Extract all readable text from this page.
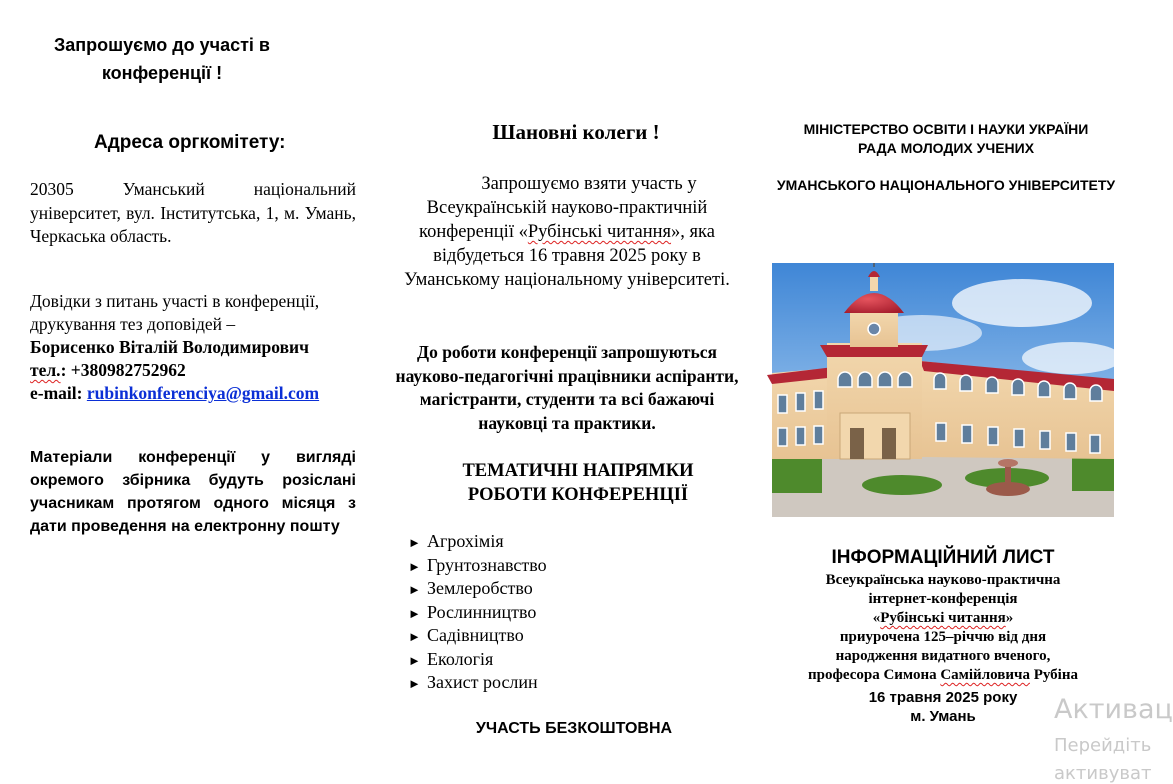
Запрошуємо до участі в
конференції !
Адреса оргкомітету:
20305 Уманський національний університет, вул. Інститутська, 1, м. Умань, Черкаська область.
Довідки з питань участі в конференції,
друкування тез доповідей –
Борисенко Віталій Володимирович
тел.: +380982752962
e-mail: rubinkonferenciya@gmail.com
Матеріали конференції у вигляді окремого збірника будуть розіслані учасникам протягом одного місяця з дати проведення на електронну пошту
Шановні колеги !
Запрошуємо взяти участь у Всеукраїнській науково-практичній конференції «Рубінські читання», яка відбудеться 16 травня 2025 року в Уманському національному університеті.
До роботи конференції запрошуються науково-педагогічні працівники аспіранти, магістранти, студенти та всі бажаючі науковці та практики.
ТЕМАТИЧНІ НАПРЯМКИ
РОБОТИ КОНФЕРЕНЦІЇ
► Агрохімія
► Грунтознавство
► Землеробство
► Рослинництво
► Садівництво
► Екологія
► Захист рослин
УЧАСТЬ БЕЗКОШТОВНА
МІНІСТЕРСТВО ОСВІТИ І НАУКИ УКРАЇНИ
РАДА МОЛОДИХ УЧЕНИХ
УМАНСЬКОГО НАЦІОНАЛЬНОГО УНІВЕРСИТЕТУ
ІНФОРМАЦІЙНИЙ ЛИСТ
Всеукраїнська науково-практична
інтернет-конференція
«Рубінські читання»
приурочена 125–річчю від дня
народження видатного вченого,
професора Симона Самійловича Рубіна
16 травня 2025 року
м. Умань	Активац
Перейдіть
активуват
